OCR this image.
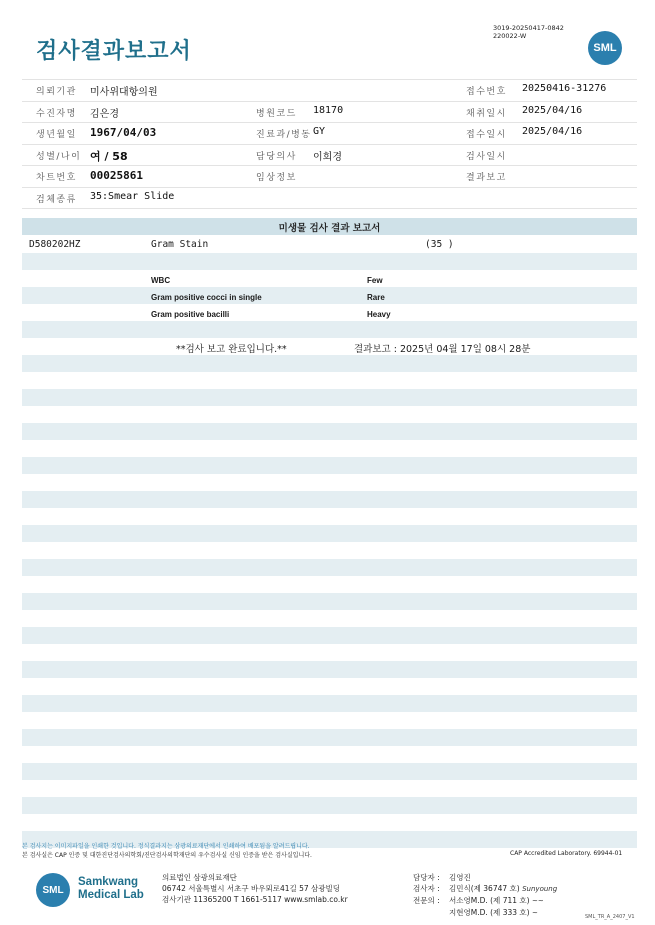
검사결과보고서
3019-20250417-0842
220022-W
SML
의뢰기관 미사위대항의원	접수번호 20250416-31276
수진자명 김은경	병원코드 18170	채취일시 2025/04/16
생년월일 1967/04/03	진료과/병동 GY	접수일시 2025/04/16
성별/나이 여 / 58	담당의사 이희경	검사일시
차트번호 00025861	임상정보	결과보고
검체종류 35:Smear Slide
미생물 검사 결과 보고서
D580202HZ	Gram Stain	(35 )
WBC	Few
Gram positive cocci in single	Rare
Gram positive bacilli	Heavy
**검사 보고 완료입니다.**	결과보고 : 2025년 04월 17일 08시 28분
본 검사지는 이미지파일을 인쇄한 것입니다. 정식결과지는 삼광의료재단에서 인쇄하여 배포됨을 알려드립니다.
본 검사실은 CAP 인증 및 대한진단검사의학회/진단검사의학재단의 우수검사실 신임 인증을 받은 검사실입니다.	CAP Accredited Laboratory. 69944-01
SML
Samkwang
Medical Lab
의료법인 삼광의료재단
06742 서울특별시 서초구 바우뫼로41길 57 삼광빌딩
검사기관 11365200 T 1661-5117 www.smlab.co.kr
담당자 : 김영진
검사자 : 김민식(제 36747 호) Sunyoung
전문의 : 서소영M.D. (제 711 호) ~~
지현영M.D. (제 333 호) ~	SML_TR_A_2407_V1
